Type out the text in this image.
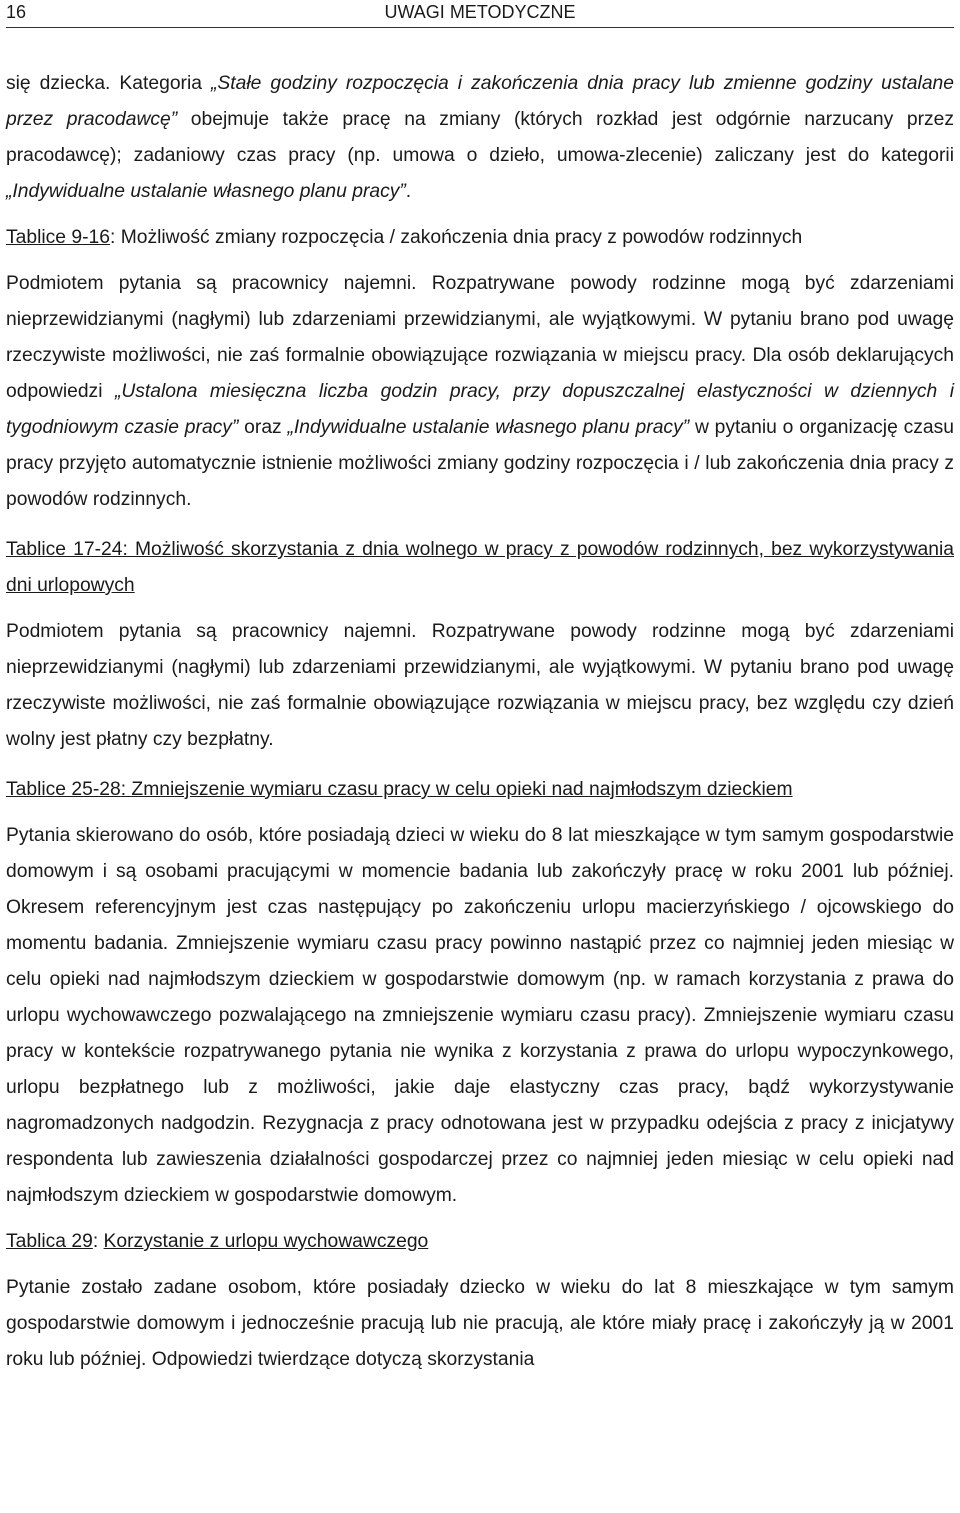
16	UWAGI METODYCZNE

się dziecka. Kategoria „Stałe godziny rozpoczęcia i zakończenia dnia pracy lub zmienne godziny ustalane przez pracodawcę” obejmuje także pracę na zmiany (których rozkład jest odgórnie narzucany przez pracodawcę); zadaniowy czas pracy (np. umowa o dzieło, umowa-zlecenie) zaliczany jest do kategorii „Indywidualne ustalanie własnego planu pracy”.

Tablice 9-16: Możliwość zmiany rozpoczęcia / zakończenia dnia pracy z powodów rodzinnych

Podmiotem pytania są pracownicy najemni. Rozpatrywane powody rodzinne mogą być zdarzeniami nieprzewidzianymi (nagłymi) lub zdarzeniami przewidzianymi, ale wyjątkowymi. W pytaniu brano pod uwagę rzeczywiste możliwości, nie zaś formalnie obowiązujące rozwiązania w miejscu pracy. Dla osób deklarujących odpowiedzi „Ustalona miesięczna liczba godzin pracy, przy dopuszczalnej elastyczności w dziennych i tygodniowym czasie pracy” oraz „Indywidualne ustalanie własnego planu pracy” w pytaniu o organizację czasu pracy przyjęto automatycznie istnienie możliwości zmiany godziny rozpoczęcia i / lub zakończenia dnia pracy z powodów rodzinnych.

Tablice 17-24: Możliwość skorzystania z dnia wolnego w pracy z powodów rodzinnych, bez wykorzystywania dni urlopowych

Podmiotem pytania są pracownicy najemni. Rozpatrywane powody rodzinne mogą być zdarzeniami nieprzewidzianymi (nagłymi) lub zdarzeniami przewidzianymi, ale wyjątkowymi. W pytaniu brano pod uwagę rzeczywiste możliwości, nie zaś formalnie obowiązujące rozwiązania w miejscu pracy, bez względu czy dzień wolny jest płatny czy bezpłatny.

Tablice 25-28: Zmniejszenie wymiaru czasu pracy w celu opieki nad najmłodszym dzieckiem

Pytania skierowano do osób, które posiadają dzieci w wieku do 8 lat mieszkające w tym samym gospodarstwie domowym i są osobami pracującymi w momencie badania lub zakończyły pracę w roku 2001 lub później. Okresem referencyjnym jest czas następujący po zakończeniu urlopu macierzyńskiego / ojcowskiego do momentu badania. Zmniejszenie wymiaru czasu pracy powinno nastąpić przez co najmniej jeden miesiąc w celu opieki nad najmłodszym dzieckiem w gospodarstwie domowym (np. w ramach korzystania z prawa do urlopu wychowawczego pozwalającego na zmniejszenie wymiaru czasu pracy). Zmniejszenie wymiaru czasu pracy w kontekście rozpatrywanego pytania nie wynika z korzystania z prawa do urlopu wypoczynkowego, urlopu bezpłatnego lub z możliwości, jakie daje elastyczny czas pracy, bądź wykorzystywanie nagromadzonych nadgodzin. Rezygnacja z pracy odnotowana jest w przypadku odejścia z pracy z inicjatywy respondenta lub zawieszenia działalności gospodarczej przez co najmniej jeden miesiąc w celu opieki nad najmłodszym dzieckiem w gospodarstwie domowym.

Tablica 29: Korzystanie z urlopu wychowawczego

Pytanie zostało zadane osobom, które posiadały dziecko w wieku do lat 8 mieszkające w tym samym gospodarstwie domowym i jednocześnie pracują lub nie pracują, ale które miały pracę i zakończyły ją w 2001 roku lub później. Odpowiedzi twierdzące dotyczą skorzystania
